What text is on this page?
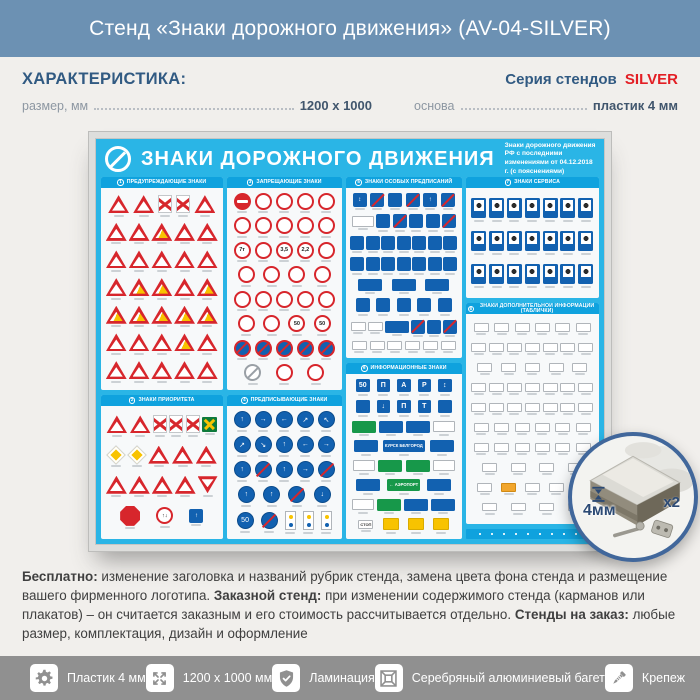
Стенд «Знаки дорожного движения» (AV-04-SILVER)
ХАРАКТЕРИСТИКА:	Серия стендов SILVER
размер, мм	1200 x 1000	основа	пластик 4 мм
ЗНАКИ ДОРОЖНОГО ДВИЖЕНИЯ
Знаки дорожного движения РФ с последними изменениями от 04.12.2018 г. (с пояснениями)
1 ПРЕДУПРЕЖДАЮЩИЕ ЗНАКИ
2 ЗНАКИ ПРИОРИТЕТА
↑↓	↑
3 ЗАПРЕЩАЮЩИЕ ЗНАКИ
7т	3,5	2,2
50	50
4 ПРЕДПИСЫВАЮЩИЕ ЗНАКИ
↑	→	←	↗	↖
↗	↘	↑	←	→
↑	↑	→
↑	↑	↓
50
5 ЗНАКИ ОСОБЫХ ПРЕДПИСАНИЙ
↕	↑
6 ИНФОРМАЦИОННЫЕ ЗНАКИ
50	П	А	Р	↕
↓	П	Т
КУРСК БЕЛГОРОД
← АЭРОПОРТ
СТОП
7 ЗНАКИ СЕРВИСА
8	ЗНАКИ ДОПОЛНИТЕЛЬНОЙ ИНФОРМАЦИИ (ТАБЛИЧКИ)
4мм	x2

Бесплатно: изменение заголовка и названий рубрик стенда, замена цвета фона стенда и размещение вашего фирменного логотипа. Заказной стенд: при изменении содержимого стенда (карманов или плакатов) – он считается заказным и его стоимость рассчитывается отдельно. Стенды на заказ: любые размер, комплектация, дизайн и оформление

Пластик 4 мм	1200 x 1000 мм	Ламинация	Серебряный алюминиевый багет	Крепеж
